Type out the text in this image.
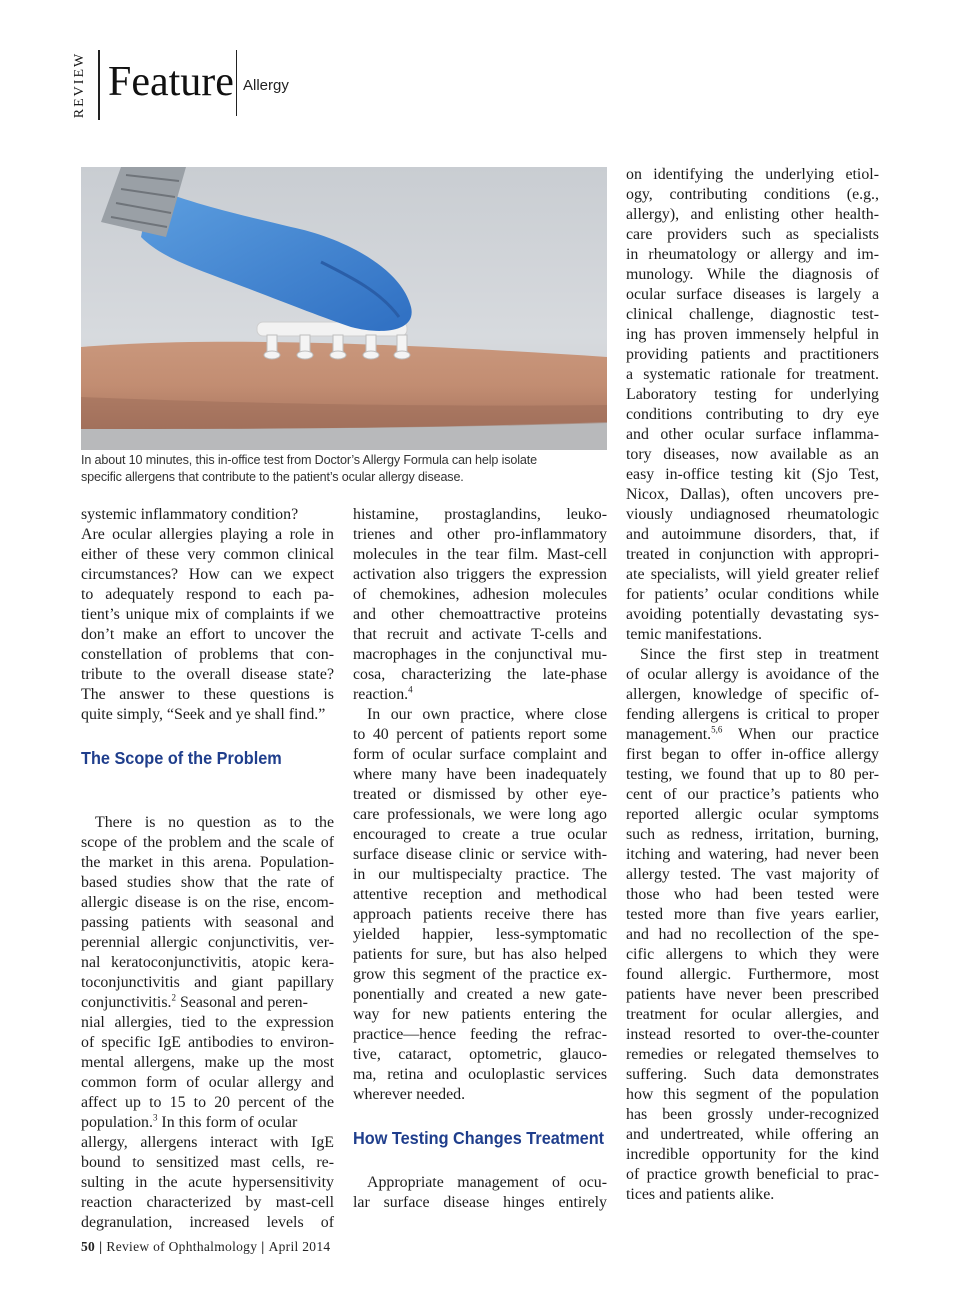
REVIEW Feature Allergy
In about 10 minutes, this in-office test from Doctor’s Allergy Formula can help isolate
specific allergens that contribute to the patient’s ocular allergy disease.
systemic inflammatory condition?
Are ocular allergies playing a role in
either of these very common clinical
circumstances? How can we expect
to adequately respond to each pa-
tient’s unique mix of complaints if we
don’t make an effort to uncover the
constellation of problems that con-
tribute to the overall disease state?
The answer to these questions is
quite simply, “Seek and ye shall find.”
There is no question as to the
scope of the problem and the scale of
the market in this arena. Population-
based studies show that the rate of
allergic disease is on the rise, encom-
passing patients with seasonal and
perennial allergic conjunctivitis, ver-
nal keratoconjunctivitis, atopic kera-
toconjunctivitis and giant papillary
conjunctivitis.$^2$ Seasonal and peren-
nial allergies, tied to the expression
of specific IgE antibodies to environ-
mental allergens, make up the most
common form of ocular allergy and
affect up to 15 to 20 percent of the
population.$^3$ In this form of ocular
allergy, allergens interact with IgE
bound to sensitized mast cells, re-
sulting in the acute hypersensitivity
reaction characterized by mast-cell
degranulation, increased levels of
The Scope of the Problem
histamine, prostaglandins, leuko-
trienes and other pro-inflammatory
molecules in the tear film. Mast-cell
activation also triggers the expression
of chemokines, adhesion molecules
and other chemoattractive proteins
that recruit and activate T-cells and
macrophages in the conjunctival mu-
cosa, characterizing the late-phase
reaction.$^4$
In our own practice, where close
to 40 percent of patients report some
form of ocular surface complaint and
where many have been inadequately
treated or dismissed by other eye-
care professionals, we were long ago
encouraged to create a true ocular
surface disease clinic or service with-
in our multispecialty practice. The
attentive reception and methodical
approach patients receive there has
yielded happier, less-symptomatic
patients for sure, but has also helped
grow this segment of the practice ex-
ponentially and created a new gate-
way for new patients entering the
practice—hence feeding the refrac-
tive, cataract, optometric, glauco-
ma, retina and oculoplastic services
wherever needed.
Appropriate management of ocu-
lar surface disease hinges entirely
How Testing Changes Treatment
on identifying the underlying etiol-
ogy, contributing conditions (e.g.,
allergy), and enlisting other health-
care providers such as specialists
in rheumatology or allergy and im-
munology. While the diagnosis of
ocular surface diseases is largely a
clinical challenge, diagnostic test-
ing has proven immensely helpful in
providing patients and practitioners
a systematic rationale for treatment.
Laboratory testing for underlying
conditions contributing to dry eye
and other ocular surface inflamma-
tory diseases, now available as an
easy in-office testing kit (Sjo Test,
Nicox, Dallas), often uncovers pre-
viously undiagnosed rheumatologic
and autoimmune disorders, that, if
treated in conjunction with appropri-
ate specialists, will yield greater relief
for patients’ ocular conditions while
avoiding potentially devastating sys-
temic manifestations.
Since the first step in treatment
of ocular allergy is avoidance of the
allergen, knowledge of specific of-
fending allergens is critical to proper
management.$^{5,6}$ When our practice
first began to offer in-office allergy
testing, we found that up to 80 per-
cent of our practice’s patients who
reported allergic ocular symptoms
such as redness, irritation, burning,
itching and watering, had never been
allergy tested. The vast majority of
those who had been tested were
tested more than five years earlier,
and had no recollection of the spe-
cific allergens to which they were
found allergic. Furthermore, most
patients have never been prescribed
treatment for ocular allergies, and
instead resorted to over-the-counter
remedies or relegated themselves to
suffering. Such data demonstrates
how this segment of the population
has been grossly under-recognized
and undertreated, while offering an
incredible opportunity for the kind
of practice growth beneficial to prac-
tices and patients alike.
50 | Review of Ophthalmology | April 2014
